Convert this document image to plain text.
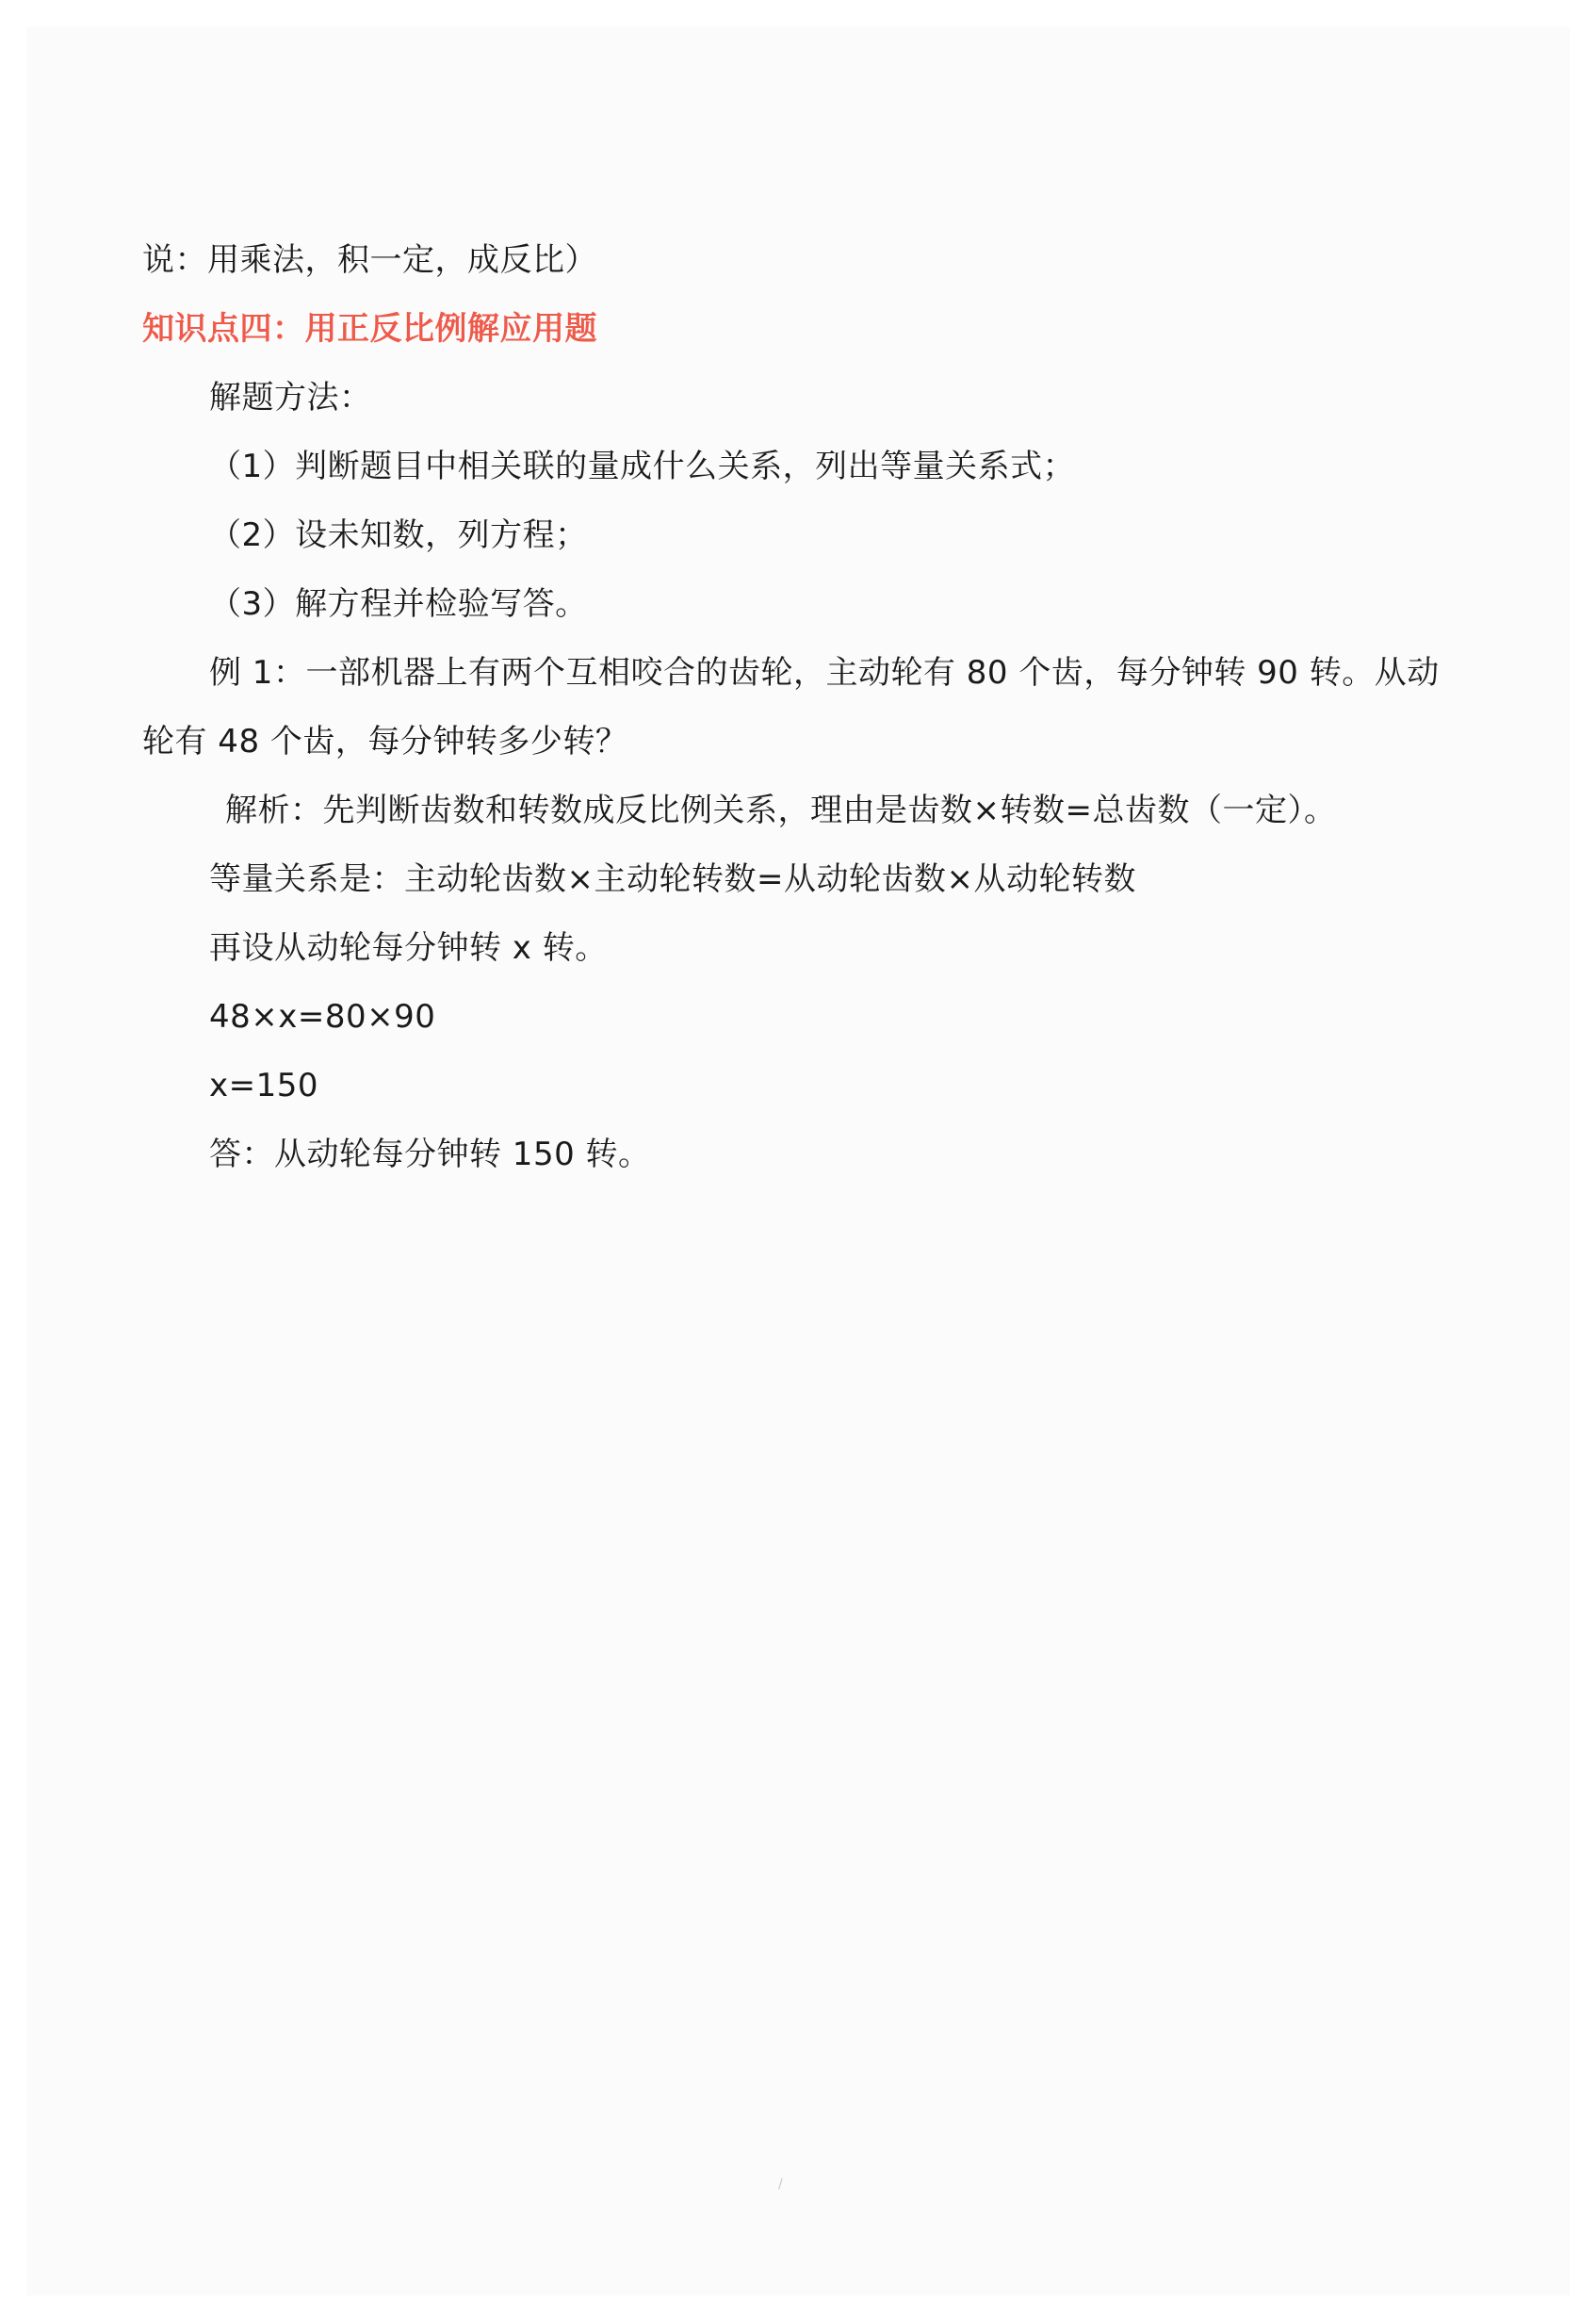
说：用乘法，积一定，成反比）
知识点四：用正反比例解应用题
解题方法：
（1）判断题目中相关联的量成什么关系，列出等量关系式；
（2）设未知数，列方程；
（3）解方程并检验写答。
例 1：一部机器上有两个互相咬合的齿轮，主动轮有 80 个齿，每分钟转 90 转。从动
轮有 48 个齿，每分钟转多少转？
解析：先判断齿数和转数成反比例关系，理由是齿数×转数=总齿数（一定）。
等量关系是：主动轮齿数×主动轮转数=从动轮齿数×从动轮转数
再设从动轮每分钟转 x 转。
48×x=80×90
x=150
答：从动轮每分钟转 150 转。
/
